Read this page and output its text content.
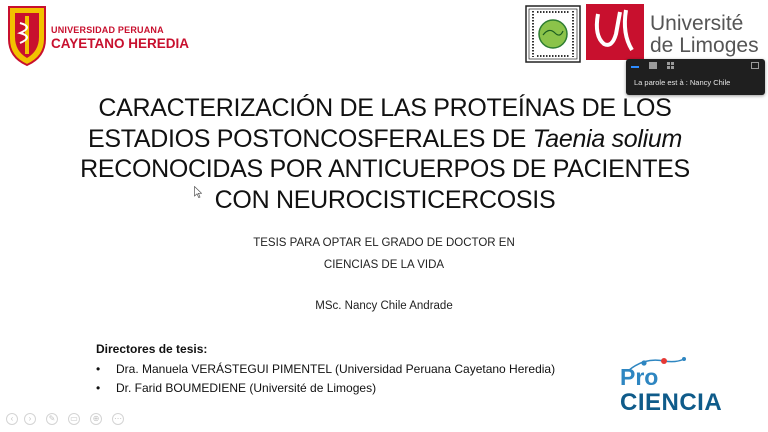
UNIVERSIDAD PERUANA
CAYETANO HEREDIA
Université
de Limoges
La parole est à : Nancy Chile
CARACTERIZACIÓN DE LAS PROTEÍNAS DE LOS
ESTADIOS POSTONCOSFERALES DE Taenia solium
RECONOCIDAS POR ANTICUERPOS DE PACIENTES
CON NEUROCISTICERCOSIS
TESIS PARA OPTAR EL GRADO DE DOCTOR EN
CIENCIAS DE LA VIDA
MSc. Nancy Chile Andrade
Directores de tesis:
• Dra. Manuela VERÁSTEGUI PIMENTEL (Universidad Peruana Cayetano Heredia)
• Dr. Farid BOUMEDIENE (Université de Limoges)	Pro
CIENCIA
‹	›	✎	▭	⊕	⋯
